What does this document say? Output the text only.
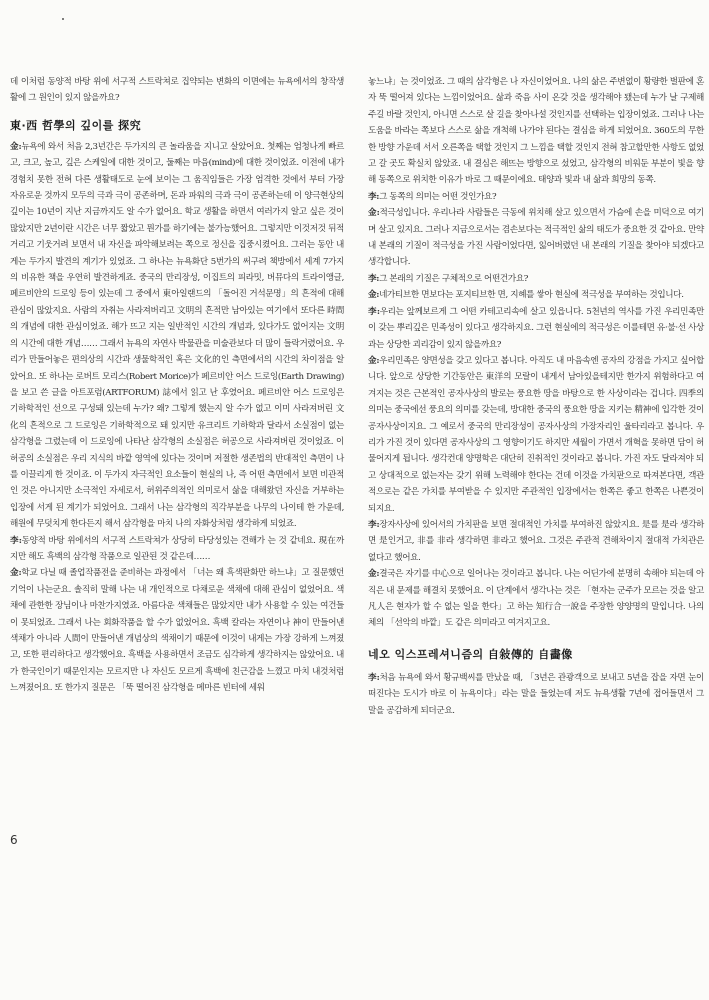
데 이처럼 동양적 바탕 위에 서구적 스트락쳐로 집약되는 변화의 이면에는 뉴욕에서의 창작생활에 그 원인이 있지 않을까요?

東·西 哲學의 깊이를 探究

金:뉴욕에 와서 처음 2,3년간은 두가지의 큰 놀라움을 지니고 살았어요. 첫째는 엄청나게 빠르고, 크고, 높고, 깊은 스케일에 대한 것이고, 둘째는 마음(mind)에 대한 것이었죠. 이전에 내가 경험치 못한 전혀 다른 생활태도로 눈에 보이는 그 움직임들은 가장 엄격한 것에서 부터 가장 자유로운 것까지 모두의 극과 극이 공존하며, 돈과 파워의 극과 극이 공존하는데 이 양극현상의 깊이는 10년이 지난 지금까지도 알 수가 없어요. 학교 생활을 하면서 여러가지 알고 싶은 것이 많았지만 2년이란 시간은 너무 짧았고 뭔가를 하기에는 불가능했어요. 그렇지만 이것저것 뒤적거리고 기웃거려 보면서 내 자신을 파악해보려는 쪽으로 정신을 집중시켰어요. 그러는 동안 내게는 두가지 발견의 계기가 있었죠. 그 하나는 뉴욕화단 5번가의 써구려 책방에서 세계 7가지의 비유한 책을 우연히 발견하게죠. 중국의 만리장성, 이집트의 피라밋, 버뮤다의 트라이앵글, 페르비안의 드로잉 등이 있는데 그 중에서 東아일랜드의 「돌어진 거석문명」의 흔적에 대해 관심이 많았지요. 사람의 자취는 사라져버리고 文明의 흔적만 남아있는 여기에서 또다른 時間의 개념에 대한 관심이었죠. 해가 뜨고 지는 일반적인 시간의 개념과, 있다가도 없어지는 文明의 시간에 대한 개념…… 그래서 뉴욕의 자연사 박물관을 미술관보다 더 많이 들락거렸어요. 우리가 만들어놓은 편의상의 시간과 생물학적인 혹은 文化的인 측면에서의 시간의 차이점을 알았어요. 또 하나는 로버트 모리스(Robert Morice)가 페르비안 어스 드로잉(Earth Drawing)을 보고 쓴 글을 아트포럼(ARTFORUM) 誌에서 읽고 난 후였어요. 페르비안 어스 드로잉은 기하학적인 선으로 구성돼 있는데 누가? 왜? 그렇게 했는지 알 수가 없고 이미 사라져버린 文化의 흔적으로 그 드로잉은 기하학적으로 돼 있지만 유크리트 기하학과 달라서 소실점이 없는 삼각형을 그렸는데 이 드로잉에 나타난 삼각형의 소실점은 허공으로 사라져버린 것이었죠. 이 허공의 소실점은 우리 지식의 바깥 영역에 있다는 것이며 저절한 생존법의 반대적인 측면이 나를 이끌리게 한 것이죠. 이 두가지 자극적인 요소들이 현실의 나, 즉 어떤 측면에서 보면 비관적인 것은 아니지만 소극적인 자세로서, 허위주의적인 의미로서 삶을 대해왔던 자신을 거부하는 입장에 서게 된 계기가 되었어요. 그래서 나는 삼각형의 직각부분을 나무의 나이테 한 가운데, 해원에 무덧치게 한다든지 해서 삼각형을 마치 나의 자화상처럼 생각하게 되었죠.

李:동양적 바탕 위에서의 서구적 스트락쳐가 상당히 타당성있는 견해가 는 것 같네요. 現在까지만 해도 흑백의 삼각형 작품으로 일관된 것 같은데……

金:학교 다닐 때 졸업작품전을 준비하는 과정에서 「너는 왜 흑색판화만 하느냐」고 질문했던 기억이 나는군요. 솔직히 말해 나는 내 개인적으로 다채로운 색채에 대해 관심이 없었어요. 색채에 관한한 장님이나 마찬가지였죠. 아름다운 색채들은 많았지만 내가 사용할 수 있는 여건들이 못되었죠. 그래서 나는 회화작품을 할 수가 없었어요. 흑백 칼라는 자연이나 神이 만들어낸 색채가 아니라 人間이 만들어낸 개념상의 색채이기 때문에 이것이 내게는 가장 강하게 느껴졌고, 또한 편리하다고 생각했어요. 흑백을 사용하면서 조금도 심각하게 생각하지는 않았어요. 내가 한국인이기 때문인지는 모르지만 나 자신도 모르게 흑백에 친근감을 느꼈고 마치 내것처럼 느껴졌어요. 또 한가지 질문은 「뚝 떨어진 삼각형을 메마른 빈터에 세워

놓느냐」는 것이었죠. 그 때의 삼각형은 나 자신이었어요. 나의 삶은 주변없이 황량한 벌판에 혼자 뚝 떨어져 있다는 느낌이었어요. 삶과 죽음 사이 온갖 것을 생각해야 됐는데 누가 날 구제해주길 바랄 것인지, 아니면 스스로 살 길을 찾아나설 것인지를 선택하는 입장이었죠. 그러나 나는 도움을 바라는 쪽보다 스스로 삶을 개척해 나가야 된다는 결심을 하게 되었어요. 360도의 무한한 방향 가운데 서서 오른쪽을 택할 것인지 그 느낌을 택할 것인지 전혀 참고할만한 사항도 없었고 갈 곳도 확실치 않았죠. 내 결심은 해뜨는 방향으로 섰었고, 삼각형의 비워둔 부분이 빛을 향해 동쪽으로 위치한 이유가 바로 그 때문이에요. 태양과 빛과 내 삶과 희망의 동쪽.

李:그 동쪽의 의미는 어떤 것인가요?

金:적극성입니다. 우리나라 사람들은 극동에 위치해 살고 있으면서 가슴에 손을 미덕으로 여기며 살고 있지요. 그러나 지금으로서는 겸손보다는 적극적인 삶의 태도가 중요한 것 같아요. 만약 내 본래의 기질이 적극성을 가진 사람이었다면, 잃어버렸던 내 본래의 기질을 찾아야 되겠다고 생각합니다.

李:그 본래의 기질은 구체적으로 어떤건가요?

金:네가티브한 면보다는 포지티브한 면, 지혜를 쌓아 현실에 적극성을 부여하는 것입니다.

李:우리는 앞께보르게 그 어떤 카테고리속에 살고 있읍니다. 5천년의 역사를 가진 우리민족만이 갖는 뿌리깊은 민족성이 있다고 생각하지요. 그런 현실에의 적극성은 이를테면 유·불·선 사상과는 상당한 괴리감이 있지 않을까요?

金:우리민족은 양면성을 갖고 있다고 봅니다. 아직도 내 마음속엔 공자의 강점을 가지고 싶어합니다. 앞으로 상당한 기간동안은 東洋의 모랄이 내게서 남아있을테지만 한가지 위험하다고 여겨지는 것은 근본적인 공자사상의 발로는 풍요한 땅을 바탕으로 한 사상이라는 겁니다. 四季의 의미는 중국에선 풍요의 의미를 갖는데, 방대한 중국의 풍요한 땅을 지키는 精神에 입각한 것이 공자사상이지요. 그 예로서 중국의 만리장성이 공자사상의 가장자리인 울타리라고 봅니다. 우리가 가진 것이 있다면 공자사상의 그 영향이기도 하지만 세월이 가면서 개혁을 못하면 담이 허물어지게 됩니다. 생각컨대 양명학은 대단히 진취적인 것이라고 봅니다. 가진 자도 달라져야 되고 상대적으로 없는자는 갖기 위해 노력해야 한다는 건데 이것을 가치판으로 따져본다면, 객관적으로는 같은 가치를 부여받을 수 있지만 주관적인 입장에서는 한쪽은 좋고 한쪽은 나쁜것이 되지요.

李:장자사상에 있어서의 가치판을 보면 절대적인 가치를 부여하진 않았지요. 是를 是라 생각하면 是인거고, 非를 非라 생각하면 非라고 했어요. 그것은 주관적 견해차이지 절대적 가치관은 없다고 했어요.

金:결국은 자기를 中心으로 일어나는 것이라고 봅니다. 나는 어딘가에 분명히 속해야 되는데 아직은 내 문제를 해결치 못했어요. 이 단계에서 생각나는 것은 「현자는 군주가 모르는 것을 알고 凡人은 현자가 할 수 없는 일을 한다」고 하는 知行合一說을 주장한 양양명의 말입니다. 나의 체의 「선악의 바깥」도 같은 의미라고 여겨지고요.

네오 익스프레셔니즘의 自敍傳的 自畵像

李:처음 뉴욕에 와서 황규백씨를 만났을 때, 「3년은 관광객으로 보내고 5년을 잡을 자면 눈이 떠진다는 도시가 바로 이 뉴욕이다」라는 말을 들었는데 저도 뉴욕생활 7년에 접어들면서 그 말을 공감하게 되더군요.

6
